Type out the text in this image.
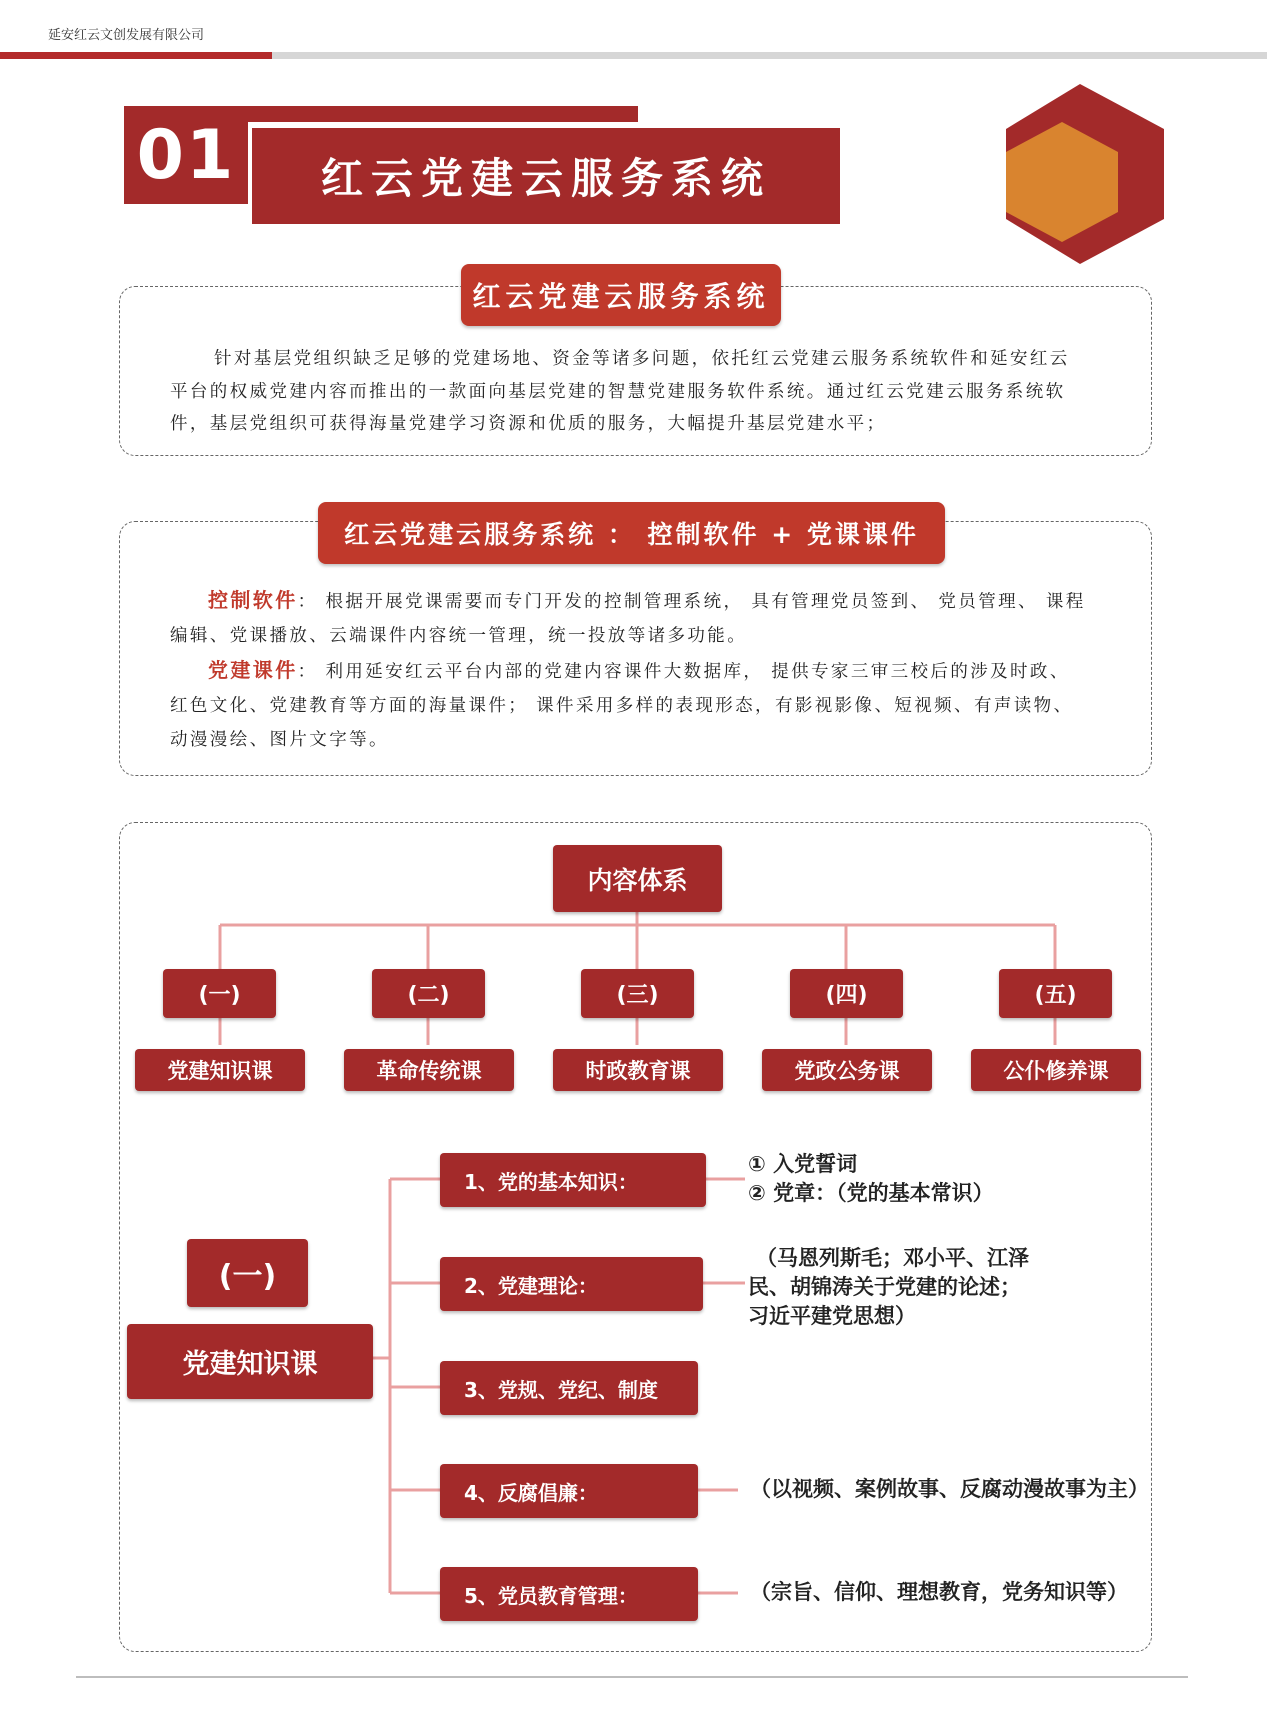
延安红云文创发展有限公司
01	红云党建云服务系统
红云党建云服务系统
针对基层党组织缺乏足够的党建场地、资金等诸多问题，依托红云党建云服务系统软件和延安红云
平台的权威党建内容而推出的一款面向基层党建的智慧党建服务软件系统。通过红云党建云服务系统软
件，基层党组织可获得海量党建学习资源和优质的服务，大幅提升基层党建水平；
红云党建云服务系统 ： 控制软件 + 党课课件
控制软件： 根据开展党课需要而专门开发的控制管理系统， 具有管理党员签到、 党员管理、 课程
编辑、党课播放、云端课件内容统一管理，统一投放等诸多功能。
党建课件： 利用延安红云平台内部的党建内容课件大数据库， 提供专家三审三校后的涉及时政、
红色文化、党建教育等方面的海量课件； 课件采用多样的表现形态，有影视影像、短视频、有声读物、
动漫漫绘、图片文字等。
内容体系
(一)	(二)	(三)	(四)	(五)
党建知识课	革命传统课	时政教育课	党政公务课	公仆修养课
(一)
党建知识课
1、党的基本知识：
2、党建理论：
3、党规、党纪、制度
4、反腐倡廉：
5、党员教育管理：
① 入党誓词
② 党章：（党的基本常识）
（马恩列斯毛；邓小平、江泽
民、胡锦涛关于党建的论述；
习近平建党思想）
（以视频、案例故事、反腐动漫故事为主）
（宗旨、信仰、理想教育，党务知识等）
